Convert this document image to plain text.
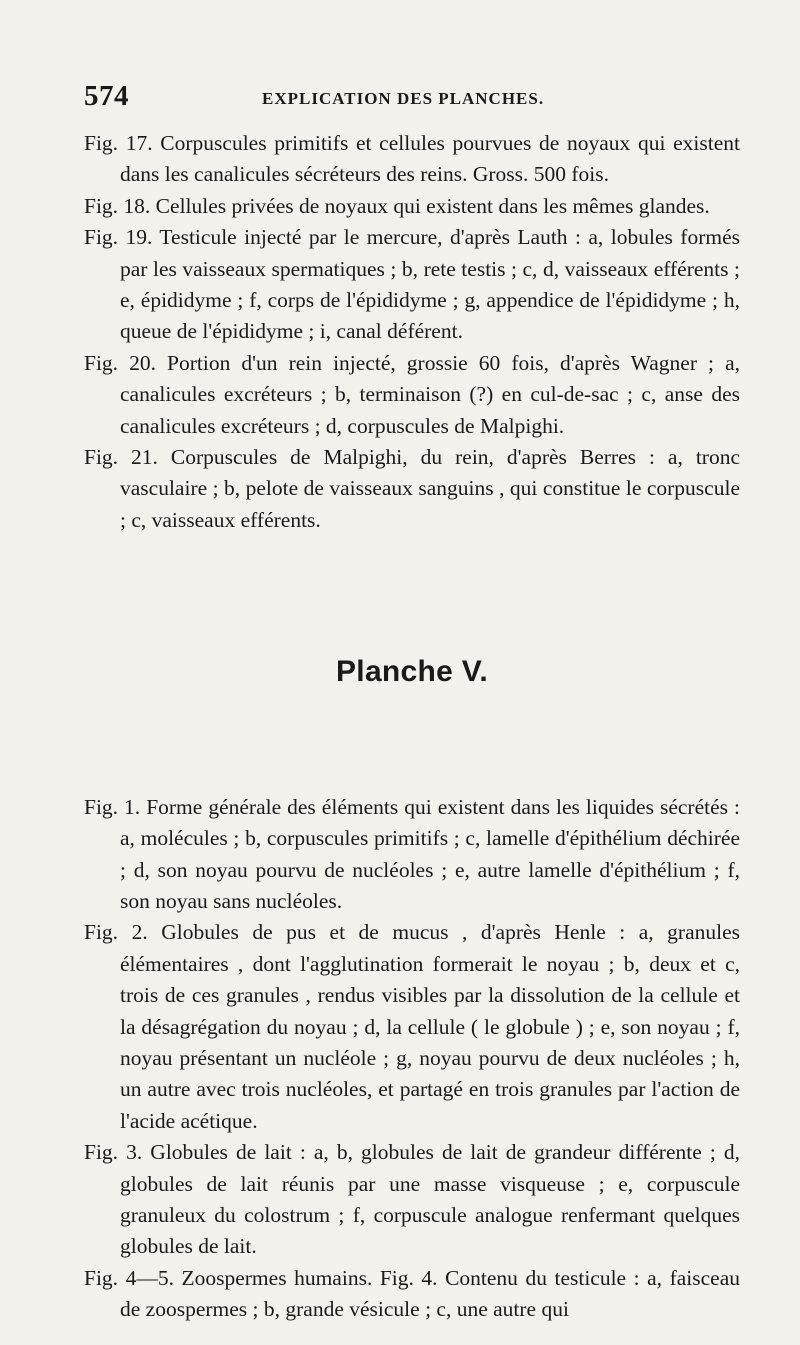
574	EXPLICATION DES PLANCHES.

Fig. 17. Corpuscules primitifs et cellules pourvues de noyaux qui existent dans les canalicules sécréteurs des reins. Gross. 500 fois.

Fig. 18. Cellules privées de noyaux qui existent dans les mêmes glandes.

Fig. 19. Testicule injecté par le mercure, d'après Lauth : a, lobules formés par les vaisseaux spermatiques ; b, rete testis ; c, d, vaisseaux efférents ; e, épididyme ; f, corps de l'épididyme ; g, appendice de l'épididyme ; h, queue de l'épididyme ; i, canal déférent.

Fig. 20. Portion d'un rein injecté, grossie 60 fois, d'après Wagner ; a, canalicules excréteurs ; b, terminaison (?) en cul-de-sac ; c, anse des canalicules excréteurs ; d, corpuscules de Malpighi.

Fig. 21. Corpuscules de Malpighi, du rein, d'après Berres : a, tronc vasculaire ; b, pelote de vaisseaux sanguins , qui constitue le corpuscule ; c, vaisseaux efférents.

Planche V.

Fig. 1. Forme générale des éléments qui existent dans les liquides sécrétés : a, molécules ; b, corpuscules primitifs ; c, lamelle d'épithélium déchirée ; d, son noyau pourvu de nucléoles ; e, autre lamelle d'épithélium ; f, son noyau sans nucléoles.

Fig. 2. Globules de pus et de mucus , d'après Henle : a, granules élémentaires , dont l'agglutination formerait le noyau ; b, deux et c, trois de ces granules , rendus visibles par la dissolution de la cellule et la désagrégation du noyau ; d, la cellule ( le globule ) ; e, son noyau ; f, noyau présentant un nucléole ; g, noyau pourvu de deux nucléoles ; h, un autre avec trois nucléoles, et partagé en trois granules par l'action de l'acide acétique.

Fig. 3. Globules de lait : a, b, globules de lait de grandeur différente ; d, globules de lait réunis par une masse visqueuse ; e, corpuscule granuleux du colostrum ; f, corpuscule analogue renfermant quelques globules de lait.

Fig. 4—5. Zoospermes humains. Fig. 4. Contenu du testicule : a, faisceau de zoospermes ; b, grande vésicule ; c, une autre qui
